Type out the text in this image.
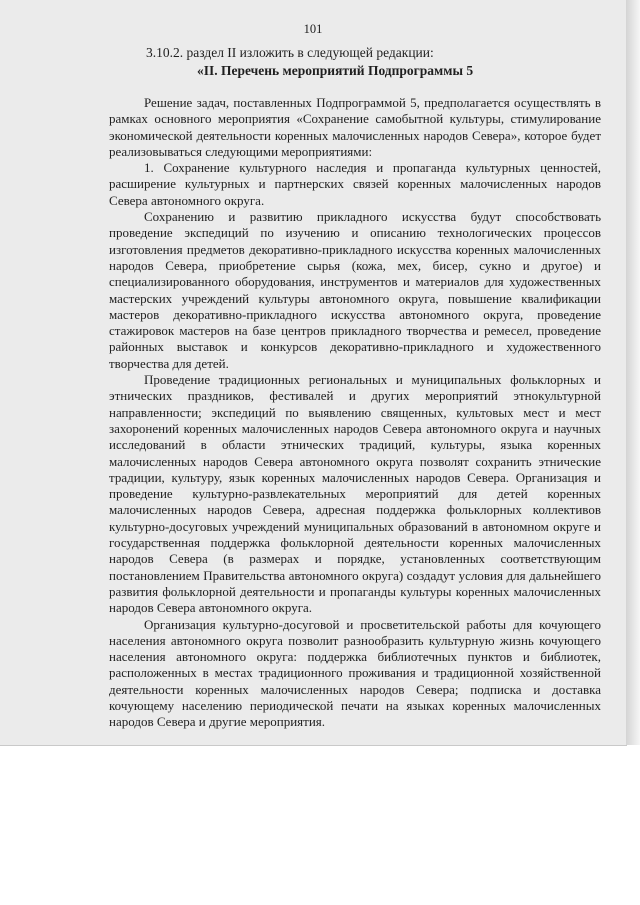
101
3.10.2. раздел II изложить в следующей редакции:
«II. Перечень мероприятий Подпрограммы 5

Решение задач, поставленных Подпрограммой 5, предполагается осуществлять в рамках основного мероприятия «Сохранение самобытной культуры, стимулирование экономической деятельности коренных малочисленных народов Севера», которое будет реализовываться следующими мероприятиями:

1. Сохранение культурного наследия и пропаганда культурных ценностей, расширение культурных и партнерских связей коренных малочисленных народов Севера автономного округа.

Сохранению и развитию прикладного искусства будут способствовать проведение экспедиций по изучению и описанию технологических процессов изготовления предметов декоративно-прикладного искусства коренных малочисленных народов Севера, приобретение сырья (кожа, мех, бисер, сукно и другое) и специализированного оборудования, инструментов и материалов для художественных мастерских учреждений культуры автономного округа, повышение квалификации мастеров декоративно-прикладного искусства автономного округа, проведение стажировок мастеров на базе центров прикладного творчества и ремесел, проведение районных выставок и конкурсов декоративно-прикладного и художественного творчества для детей.

Проведение традиционных региональных и муниципальных фольклорных и этнических праздников, фестивалей и других мероприятий этнокультурной направленности; экспедиций по выявлению священных, культовых мест и мест захоронений коренных малочисленных народов Севера автономного округа и научных исследований в области этнических традиций, культуры, языка коренных малочисленных народов Севера автономного округа позволят сохранить этнические традиции, культуру, язык коренных малочисленных народов Севера. Организация и проведение культурно-развлекательных мероприятий для детей коренных малочисленных народов Севера, адресная поддержка фольклорных коллективов культурно-досуговых учреждений муниципальных образований в автономном округе и государственная поддержка фольклорной деятельности коренных малочисленных народов Севера (в размерах и порядке, установленных соответствующим постановлением Правительства автономного округа) создадут условия для дальнейшего развития фольклорной деятельности и пропаганды культуры коренных малочисленных народов Севера автономного округа.

Организация культурно-досуговой и просветительской работы для кочующего населения автономного округа позволит разнообразить культурную жизнь кочующего населения автономного округа: поддержка библиотечных пунктов и библиотек, расположенных в местах традиционного проживания и традиционной хозяйственной деятельности коренных малочисленных народов Севера; подписка и доставка кочующему населению периодической печати на языках коренных малочисленных народов Севера и другие мероприятия.
